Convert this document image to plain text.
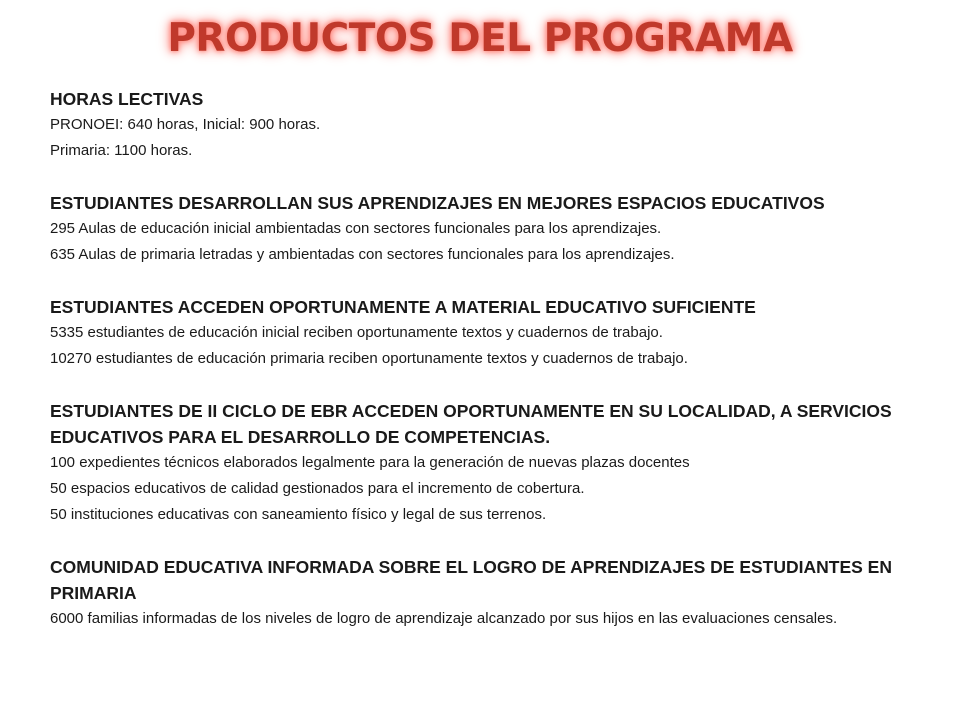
PRODUCTOS DEL PROGRAMA
HORAS LECTIVAS
PRONOEI: 640 horas, Inicial: 900 horas.
Primaria: 1100 horas.
ESTUDIANTES DESARROLLAN SUS APRENDIZAJES EN MEJORES ESPACIOS EDUCATIVOS
295 Aulas de educación inicial ambientadas con sectores funcionales para los aprendizajes.
635 Aulas de primaria letradas y ambientadas con sectores funcionales para los aprendizajes.
ESTUDIANTES ACCEDEN OPORTUNAMENTE A MATERIAL EDUCATIVO SUFICIENTE
5335 estudiantes de educación inicial reciben oportunamente textos y cuadernos de trabajo.
10270 estudiantes de educación primaria reciben oportunamente textos y cuadernos de trabajo.
ESTUDIANTES DE II CICLO DE EBR ACCEDEN OPORTUNAMENTE EN SU LOCALIDAD, A SERVICIOS EDUCATIVOS PARA EL DESARROLLO DE COMPETENCIAS.
100 expedientes técnicos elaborados legalmente para la generación de nuevas plazas docentes
50 espacios educativos de calidad gestionados para el incremento de cobertura.
50 instituciones educativas con saneamiento físico y legal de sus terrenos.
COMUNIDAD EDUCATIVA INFORMADA SOBRE EL LOGRO DE APRENDIZAJES DE ESTUDIANTES EN PRIMARIA
6000 familias informadas de los niveles de logro de aprendizaje alcanzado por sus hijos en las evaluaciones censales.
